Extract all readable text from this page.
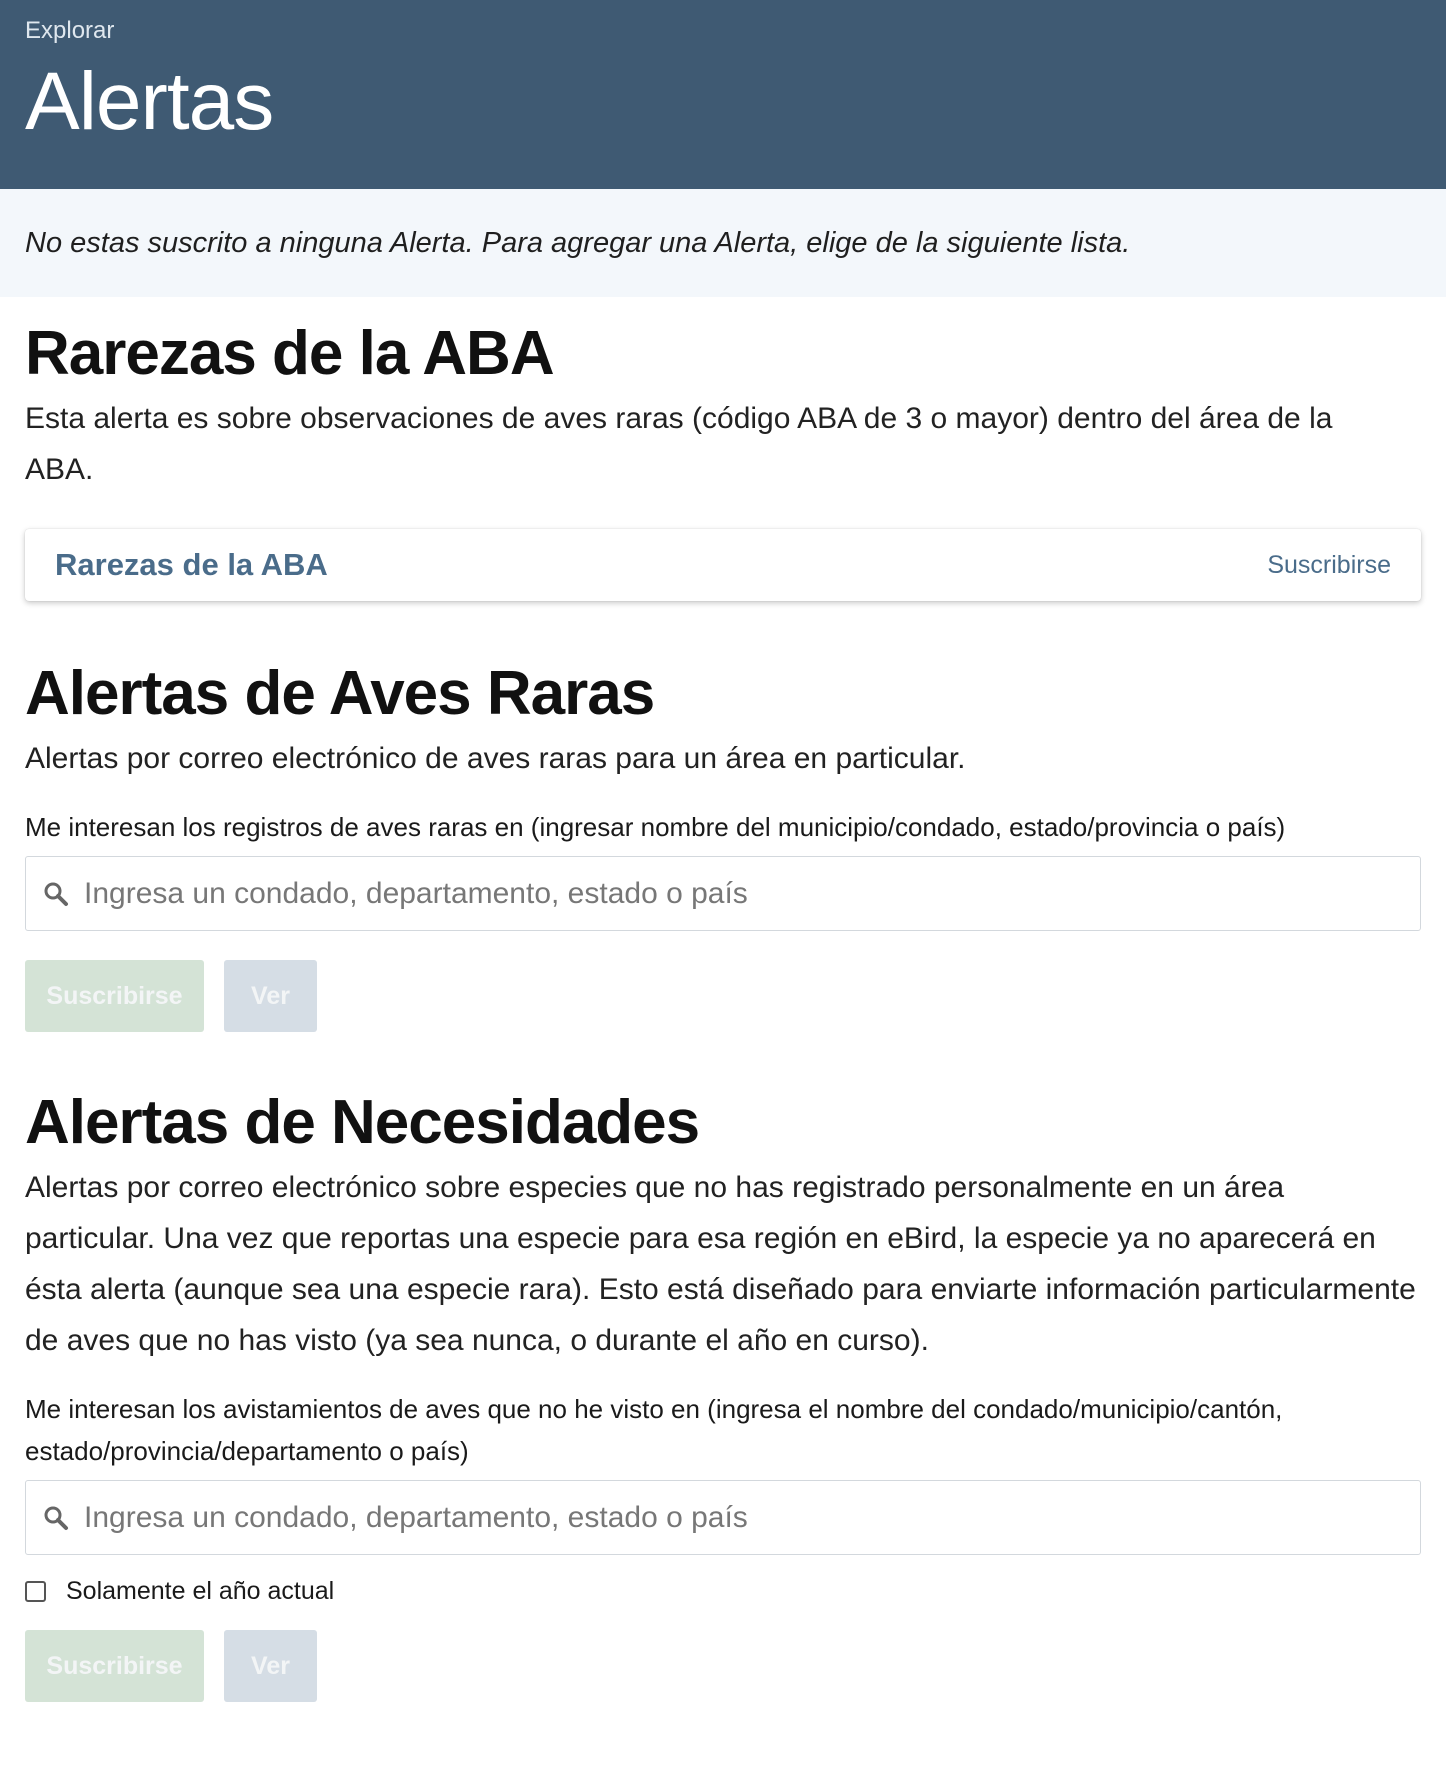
Explorar
Alertas
No estas suscrito a ninguna Alerta. Para agregar una Alerta, elige de la siguiente lista.
Rarezas de la ABA

Esta alerta es sobre observaciones de aves raras (código ABA de 3 o mayor) dentro del área de la ABA.

Rarezas de la ABA	Suscribirse
Alertas de Aves Raras

Alertas por correo electrónico de aves raras para un área en particular.

Me interesan los registros de aves raras en (ingresar nombre del municipio/condado, estado/provincia o país)
Ingresa un condado, departamento, estado o país
Suscribirse	Ver
Alertas de Necesidades

Alertas por correo electrónico sobre especies que no has registrado personalmente en un área particular. Una vez que reportas una especie para esa región en eBird, la especie ya no aparecerá en ésta alerta (aunque sea una especie rara). Esto está diseñado para enviarte información particularmente de aves que no has visto (ya sea nunca, o durante el año en curso).

Me interesan los avistamientos de aves que no he visto en (ingresa el nombre del condado/municipio/cantón, estado/provincia/departamento o país)
Ingresa un condado, departamento, estado o país
Solamente el año actual
Suscribirse	Ver
